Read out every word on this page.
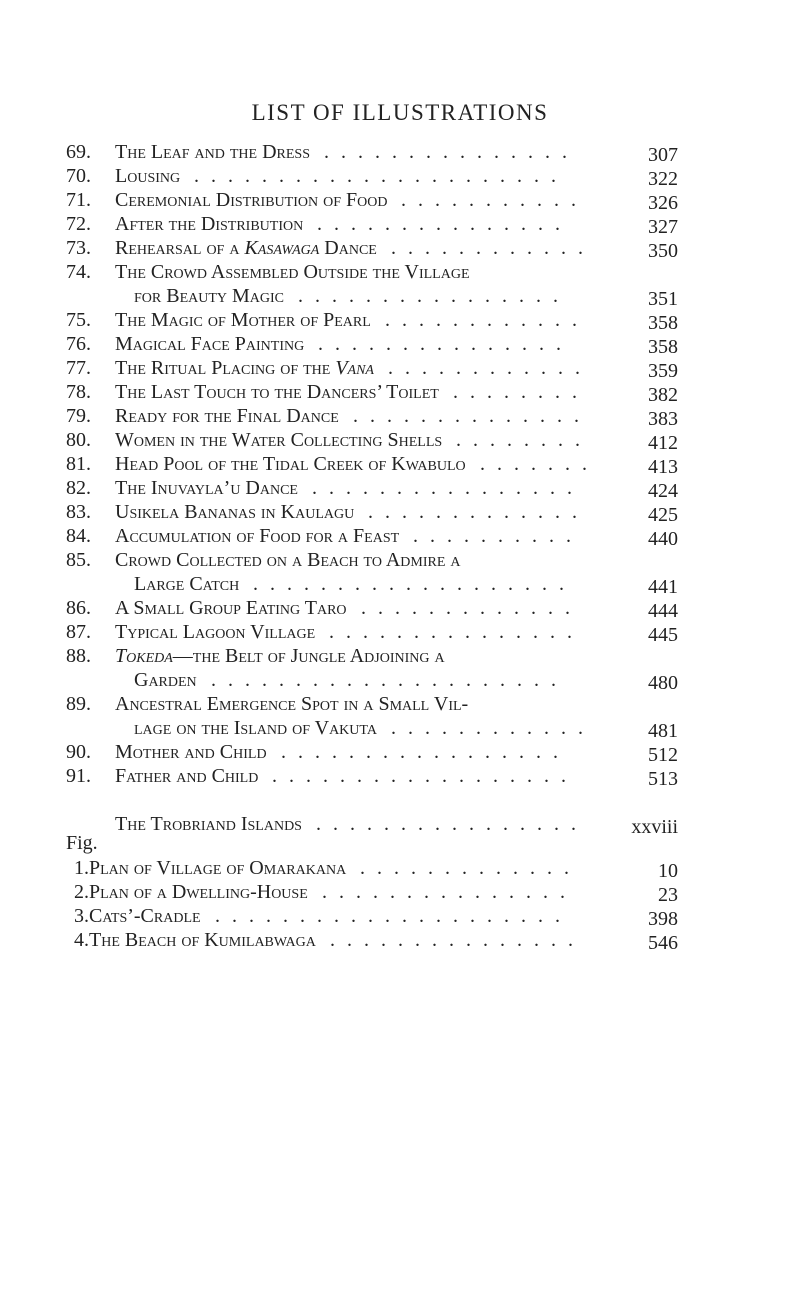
LIST OF ILLUSTRATIONS
69. The Leaf and the Dress	307
...............
70. Lousing	322
......................
71. Ceremonial Distribution of Food	326
...........
72. After the Distribution	327
...............
73. Rehearsal of a Kasawaga Dance	350
............
74. The Crowd Assembled Outside the Village
for Beauty Magic	351
................
75. The Magic of Mother of Pearl	358
............
76. Magical Face Painting	358
...............
77. The Ritual Placing of the Vana	359
............
78. The Last Touch to the Dancers’ Toilet	382
........
79. Ready for the Final Dance	383
..............
80. Women in the Water Collecting Shells	412
........
81. Head Pool of the Tidal Creek of Kwabulo	413
.......
82. The Inuvayla’u Dance	424
................
83. Usikela Bananas in Kaulagu	425
.............
84. Accumulation of Food for a Feast	440
..........
85. Crowd Collected on a Beach to Admire a
Large Catch	441
...................
86. A Small Group Eating Taro	444
.............
87. Typical Lagoon Village	445
...............
88. Tokeda—the Belt of Jungle Adjoining a
Garden	480
.....................
89. Ancestral Emergence Spot in a Small Vil-
lage on the Island of Vakuta	481
............
90. Mother and Child	512
.................
91. Father and Child	513
..................
The Trobriand Islands	xxviii
................
Fig.
1. Plan of Village of Omarakana	10
.............
2. Plan of a Dwelling-House	23
...............
3. Cats’-Cradle	398
.....................
4. The Beach of Kumilabwaga	546
...............
